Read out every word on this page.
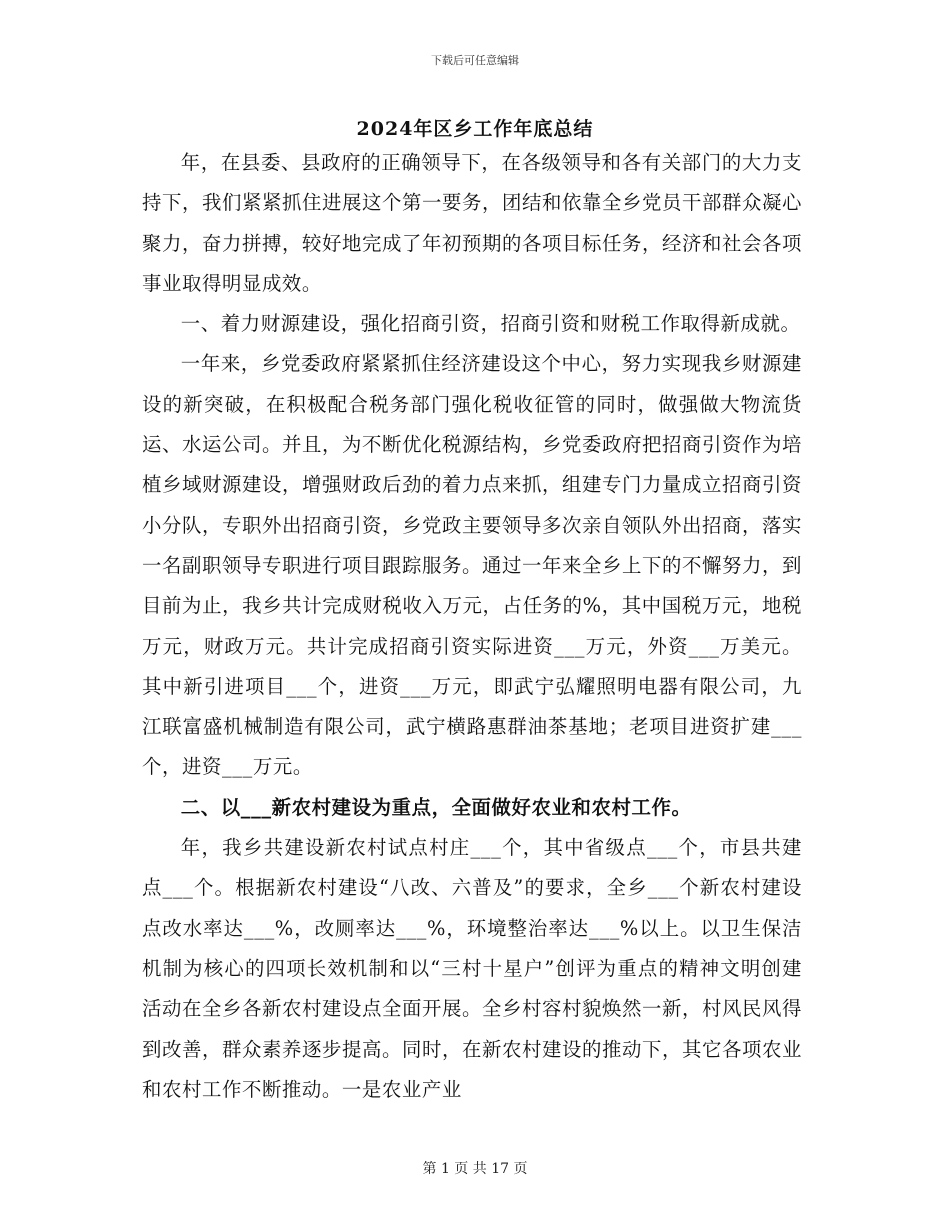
下载后可任意编辑
2024年区乡工作年底总结

年，在县委、县政府的正确领导下，在各级领导和各有关部门的大力支持下，我们紧紧抓住进展这个第一要务，团结和依靠全乡党员干部群众凝心聚力，奋力拼搏，较好地完成了年初预期的各项目标任务，经济和社会各项事业取得明显成效。

一、着力财源建设，强化招商引资，招商引资和财税工作取得新成就。

一年来，乡党委政府紧紧抓住经济建设这个中心，努力实现我乡财源建设的新突破，在积极配合税务部门强化税收征管的同时，做强做大物流货运、水运公司。并且，为不断优化税源结构，乡党委政府把招商引资作为培植乡域财源建设，增强财政后劲的着力点来抓，组建专门力量成立招商引资小分队，专职外出招商引资，乡党政主要领导多次亲自领队外出招商，落实一名副职领导专职进行项目跟踪服务。通过一年来全乡上下的不懈努力，到目前为止，我乡共计完成财税收入万元，占任务的%，其中国税万元，地税万元，财政万元。共计完成招商引资实际进资___万元，外资___万美元。其中新引进项目___个，进资___万元，即武宁弘耀照明电器有限公司，九江联富盛机械制造有限公司，武宁横路惠群油茶基地；老项目进资扩建___个，进资___万元。

二、以___新农村建设为重点，全面做好农业和农村工作。

年，我乡共建设新农村试点村庄___个，其中省级点___个，市县共建点___个。根据新农村建设“八改、六普及”的要求，全乡___个新农村建设点改水率达___%，改厕率达___%，环境整治率达___%以上。以卫生保洁机制为核心的四项长效机制和以“三村十星户”创评为重点的精神文明创建活动在全乡各新农村建设点全面开展。全乡村容村貌焕然一新，村风民风得到改善，群众素养逐步提高。同时，在新农村建设的推动下，其它各项农业和农村工作不断推动。一是农业产业

第 1 页 共 17 页
